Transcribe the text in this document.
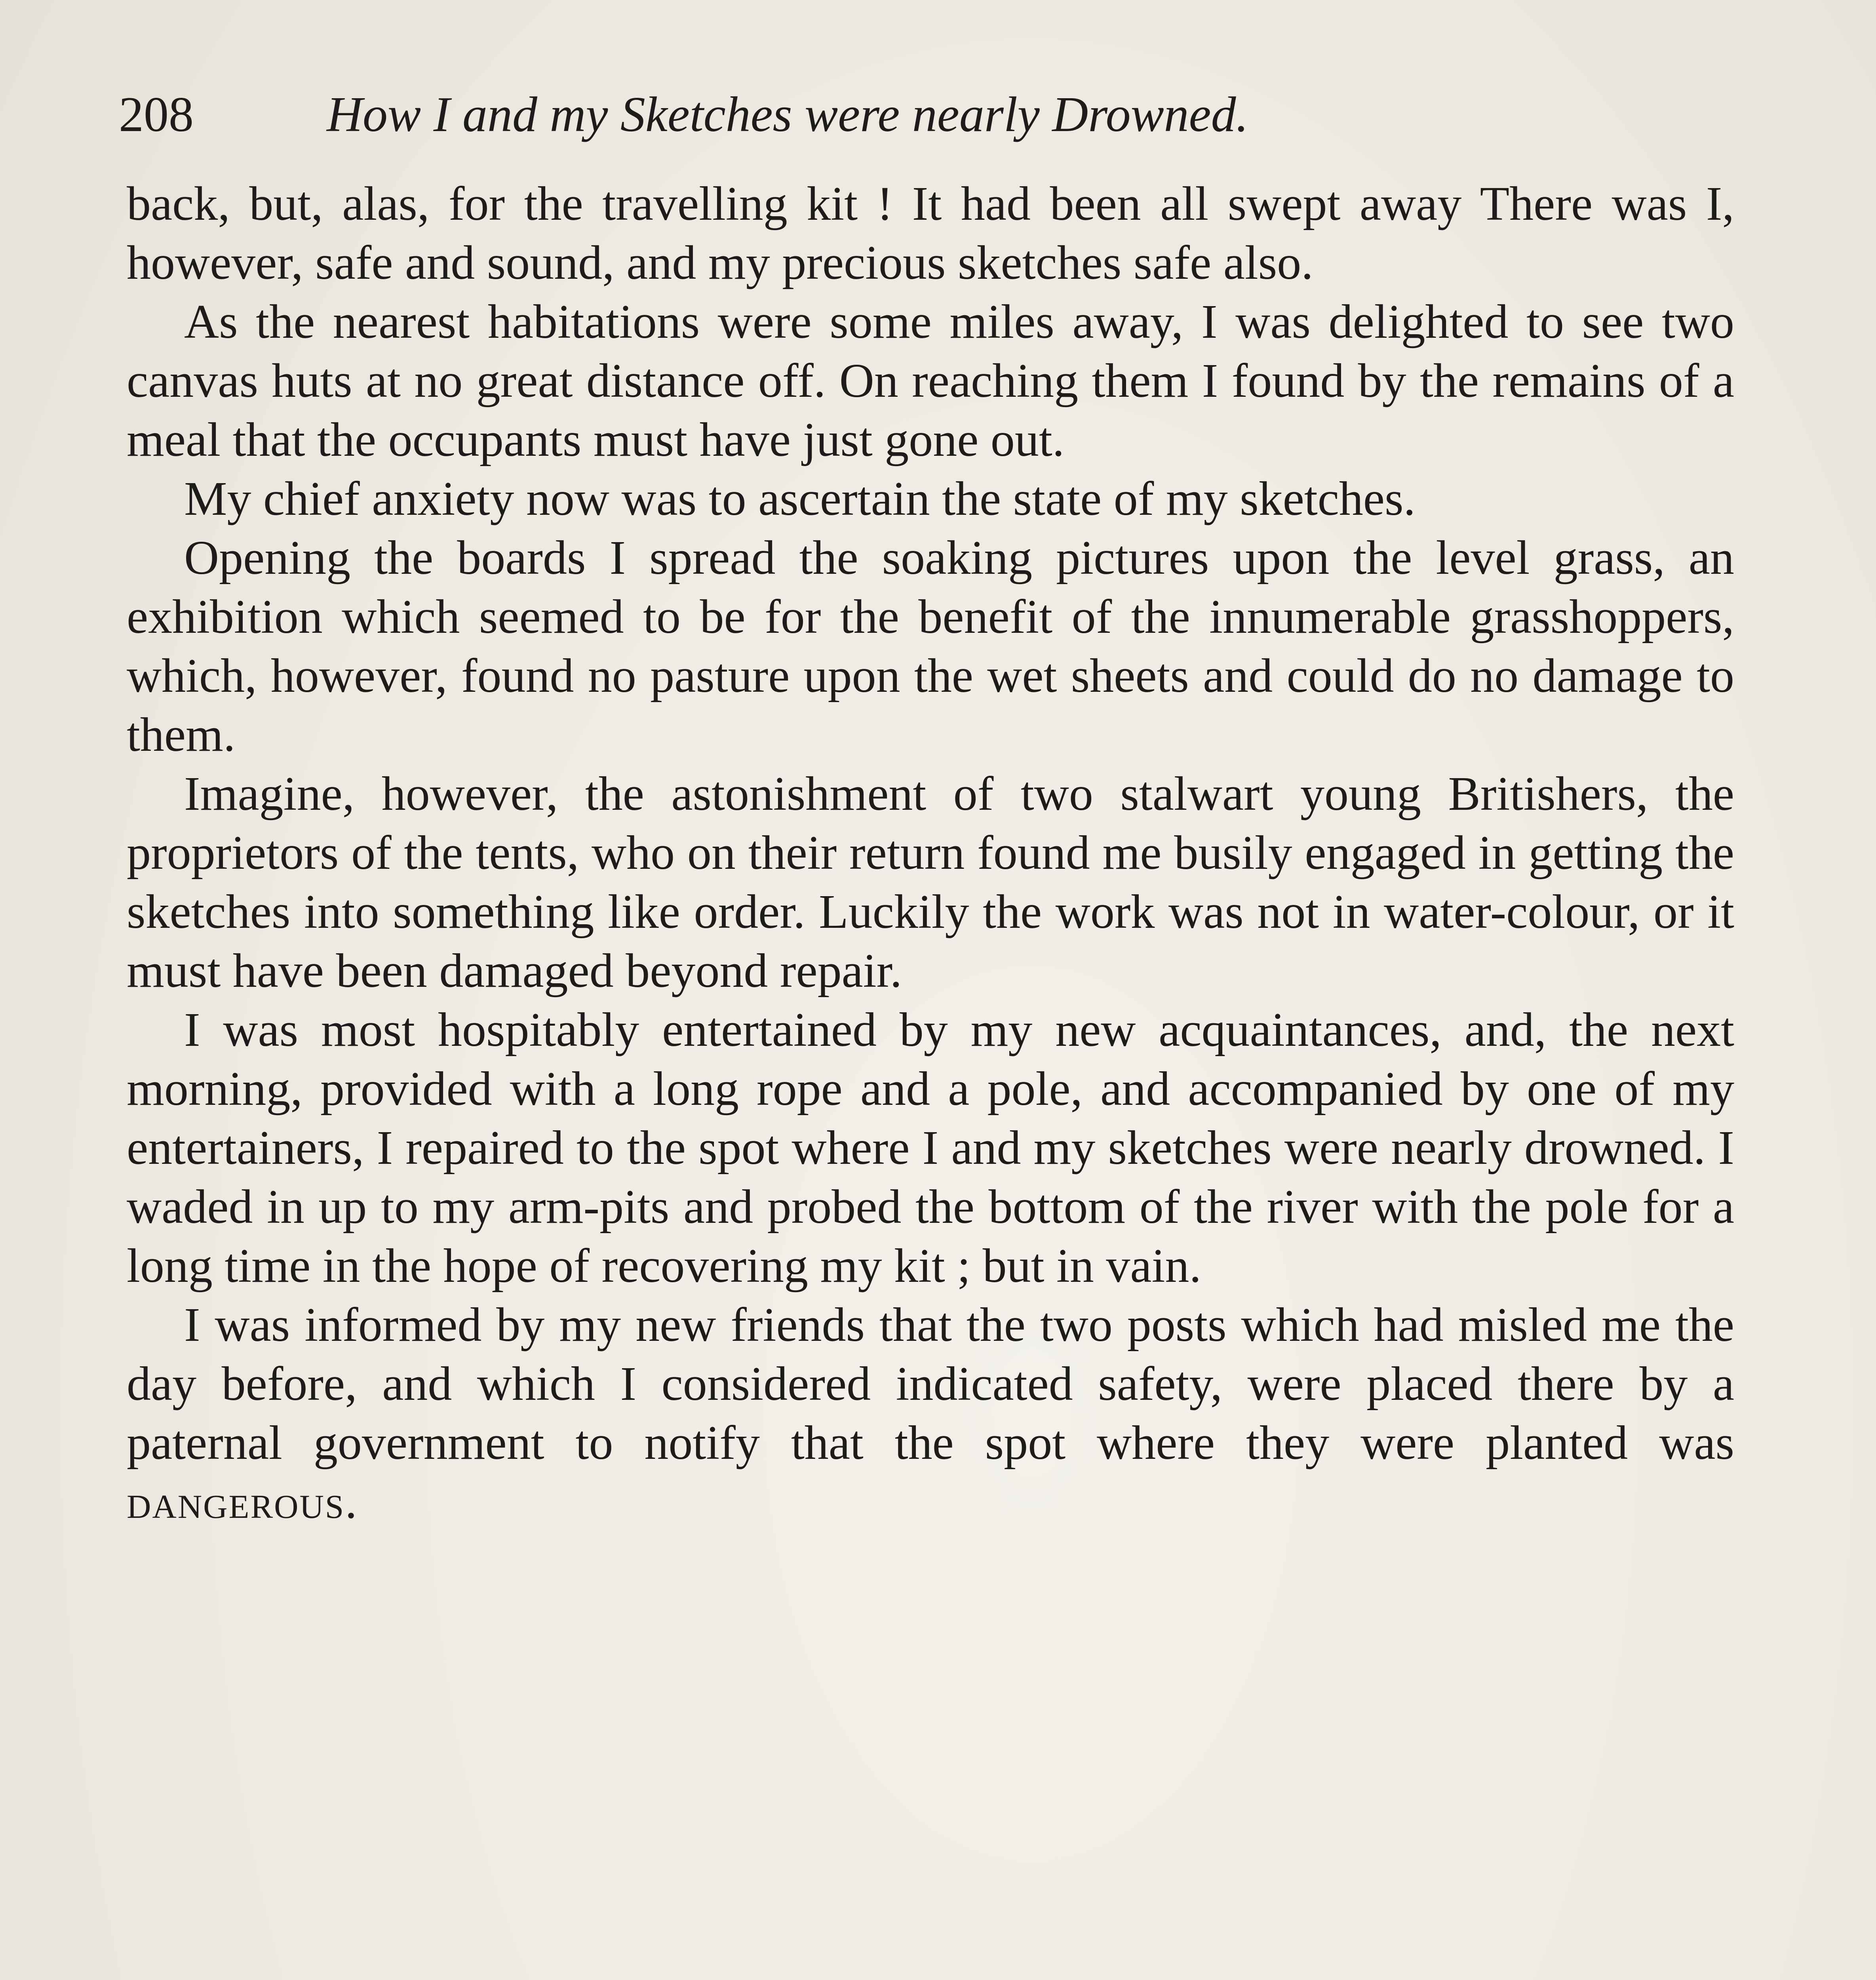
208	How I and my Sketches were nearly Drowned.

back, but, alas, for the travelling kit ! It had been all swept away There was I, however, safe and sound, and my precious sketches safe also.

As the nearest habitations were some miles away, I was delighted to see two canvas huts at no great distance off. On reaching them I found by the remains of a meal that the occupants must have just gone out.

My chief anxiety now was to ascertain the state of my sketches.

Opening the boards I spread the soaking pictures upon the level grass, an exhibition which seemed to be for the benefit of the innumerable grasshoppers, which, however, found no pasture upon the wet sheets and could do no damage to them.

Imagine, however, the astonishment of two stalwart young Britishers, the proprietors of the tents, who on their return found me busily engaged in getting the sketches into something like order. Luckily the work was not in water-colour, or it must have been damaged beyond repair.

I was most hospitably entertained by my new acquaintances, and, the next morning, provided with a long rope and a pole, and accompanied by one of my entertainers, I repaired to the spot where I and my sketches were nearly drowned. I waded in up to my arm-pits and probed the bottom of the river with the pole for a long time in the hope of recovering my kit ; but in vain.

I was informed by my new friends that the two posts which had misled me the day before, and which I considered indicated safety, were placed there by a paternal government to notify that the spot where they were planted was dangerous.
